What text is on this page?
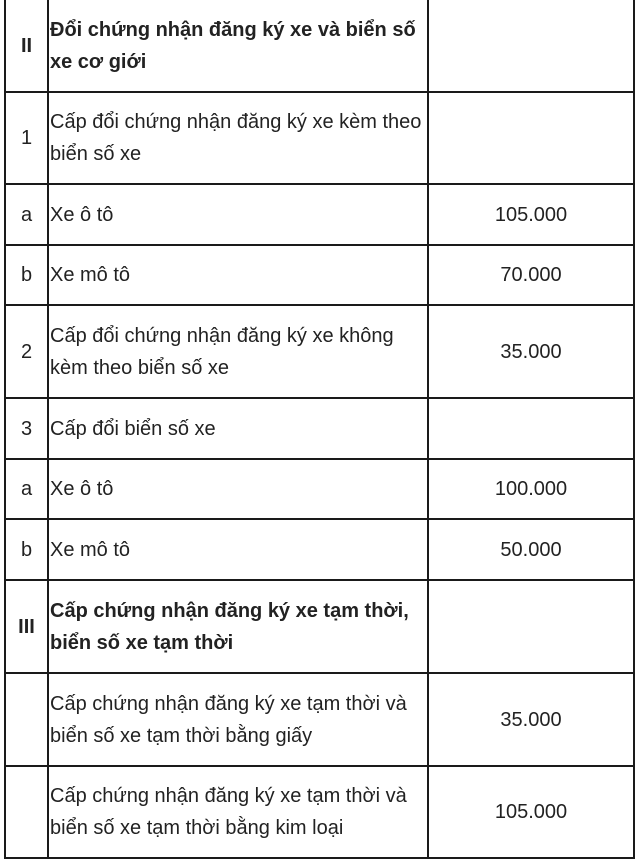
II	Đổi chứng nhận đăng ký xe và biển số xe cơ giới	
1	Cấp đổi chứng nhận đăng ký xe kèm theo biển số xe	
a	Xe ô tô	105.000
b	Xe mô tô	70.000
2	Cấp đổi chứng nhận đăng ký xe không kèm theo biển số xe	35.000
3	Cấp đổi biển số xe	
a	Xe ô tô	100.000
b	Xe mô tô	50.000
III	Cấp chứng nhận đăng ký xe tạm thời, biển số xe tạm thời	
	Cấp chứng nhận đăng ký xe tạm thời và biển số xe tạm thời bằng giấy	35.000
	Cấp chứng nhận đăng ký xe tạm thời và biển số xe tạm thời bằng kim loại	105.000
